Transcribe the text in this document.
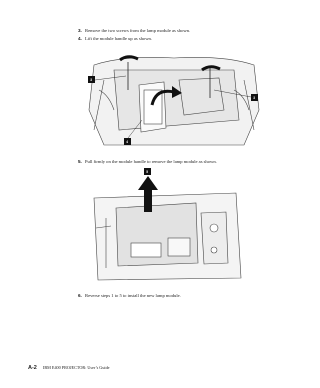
3. Remove the two screws from the lamp module as shown.
4. Lift the module handle up as shown.
3
3
4
5. Pull firmly on the module handle to remove the lamp module as shown.
5
6. Reverse steps 1 to 5 to install the new lamp module.
A-2 IBM E400 PROJECTOR: User’s Guide
